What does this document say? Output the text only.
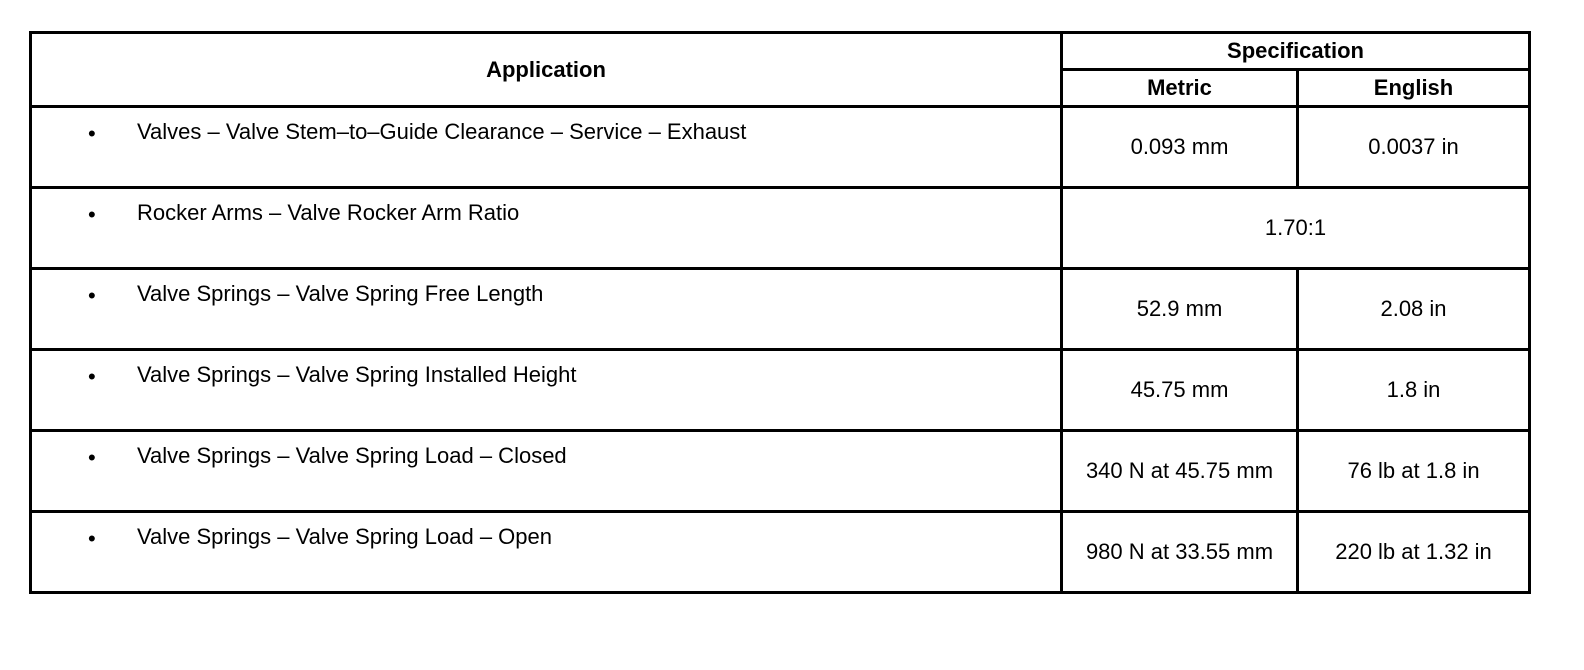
Application	Specification	
	Metric	English

• Valves – Valve Stem–to–Guide Clearance – Service – Exhaust	0.093 mm	0.0037 in

• Rocker Arms – Valve Rocker Arm Ratio	1.70:1	

• Valve Springs – Valve Spring Free Length	52.9 mm	2.08 in

• Valve Springs – Valve Spring Installed Height	45.75 mm	1.8 in

• Valve Springs – Valve Spring Load – Closed	340 N at 45.75 mm	76 lb at 1.8 in

• Valve Springs – Valve Spring Load – Open	980 N at 33.55 mm	220 lb at 1.32 in
